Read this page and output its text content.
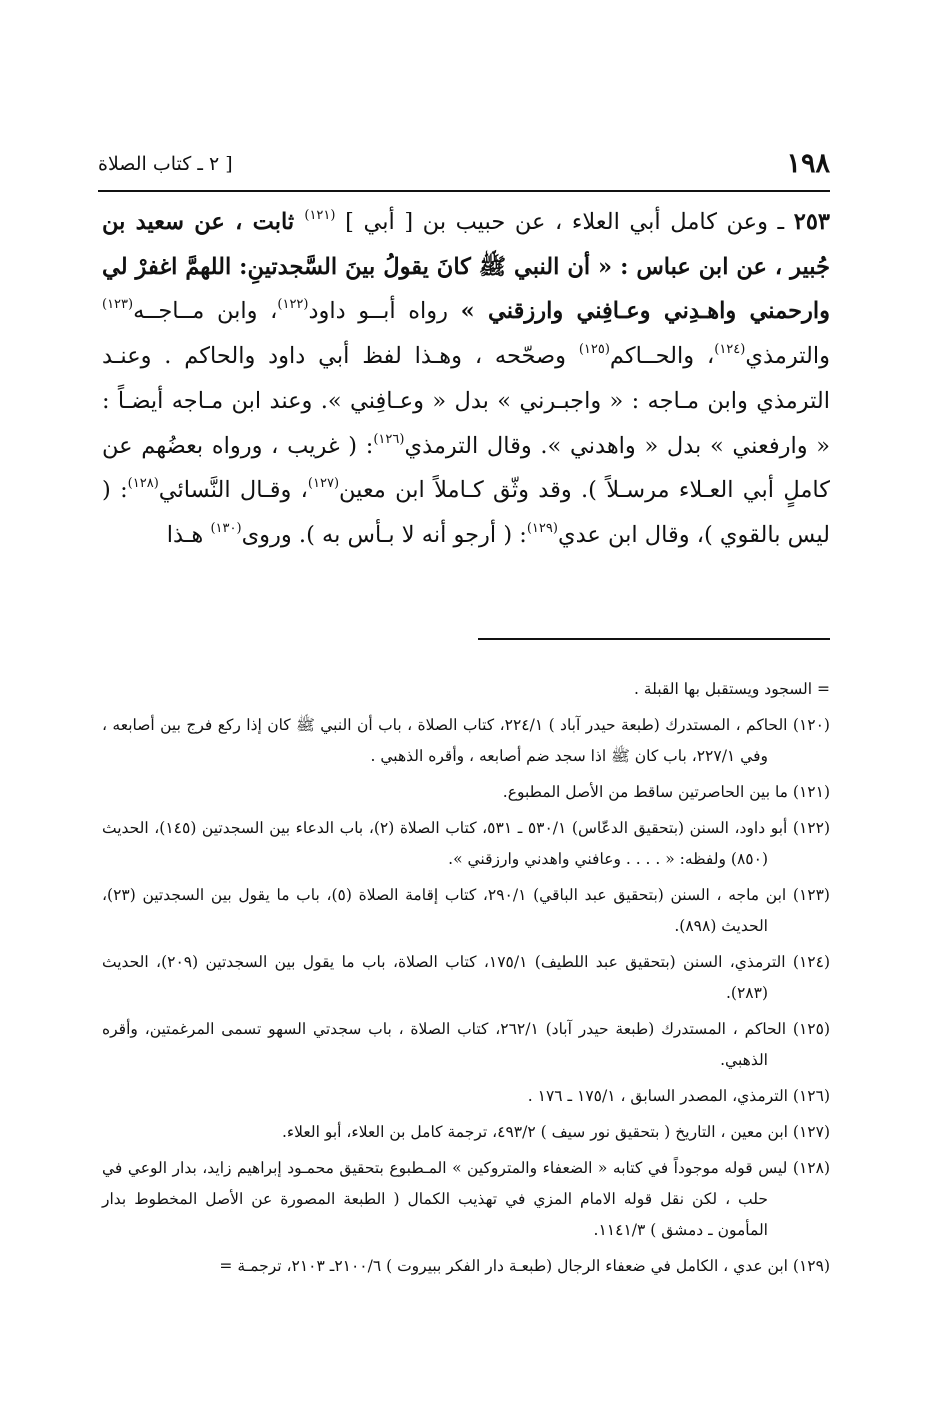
١٩٨
[ ٢ ـ كتاب الصلاة
٢٥٣ ـ وعن كامل أبي العلاء ، عن حبيب بن [ أبي ] $^{(١٢١)}$ ثابت ، عن سعيد بن جُبير ، عن ابن عباس : « أن النبي ﷺ كانَ يقولُ بينَ السَّجدتينِ: اللهمَّ اغفرْ لي وارحمني واهـدِني وعـافِني وارزقني » رواه أبــو داود$^{(١٢٢)}$، وابن مــاجــه$^{(١٢٣)}$ والترمذي$^{(١٢٤)}$، والحــاكم$^{(١٢٥)}$ وصحّحه ، وهـذا لفظ أبي داود والحاكم . وعنـد الترمذي وابن مـاجه : « واجبـرني » بدل « وعـافِني ». وعند ابن مـاجه أيضـاً : « وارفعني » بدل « واهدني ». وقال الترمذي$^{(١٢٦)}$: ( غريب ، ورواه بعضُهم عن كاملٍ أبي العـلاء مرسـلاً ). وقد وثّق كـاملاً ابن معين$^{(١٢٧)}$، وقـال النَّسائي$^{(١٢٨)}$: ( ليس بالقوي )، وقال ابن عدي$^{(١٢٩)}$: ( أرجو أنه لا بـأس به ). وروى$^{(١٣٠)}$ هـذا

= السجود ويستقبل بها القبلة .

(١٢٠) الحاكم ، المستدرك (طبعة حيدر آباد ) ٢٢٤/١، كتاب الصلاة ، باب أن النبي ﷺ كان إذا ركع فرج بين أصابعه ، وفي ٢٢٧/١، باب كان ﷺ اذا سجد ضم أصابعه ، وأقره الذهبي .

(١٢١) ما بين الحاصرتين ساقط من الأصل المطبوع.

(١٢٢) أبو داود، السنن (بتحقيق الدعّاس) ٥٣٠/١ ـ ٥٣١، كتاب الصلاة (٢)، باب الدعاء بين السجدتين (١٤٥)، الحديث (٨٥٠) ولفظه: « . . . . وعافني واهدني وارزقني ».

(١٢٣) ابن ماجه ، السنن (بتحقيق عبد الباقي) ٢٩٠/١، كتاب إقامة الصلاة (٥)، باب ما يقول بين السجدتين (٢٣)، الحديث (٨٩٨).

(١٢٤) الترمذي، السنن (بتحقيق عبد اللطيف) ١٧٥/١، كتاب الصلاة، باب ما يقول بين السجدتين (٢٠٩)، الحديث (٢٨٣).

(١٢٥) الحاكم ، المستدرك (طبعة حيدر آباد) ٢٦٢/١، كتاب الصلاة ، باب سجدتي السهو تسمى المرغمتين، وأقره الذهبي.

(١٢٦) الترمذي، المصدر السابق ، ١٧٥/١ ـ ١٧٦ .

(١٢٧) ابن معين ، التاريخ ( بتحقيق نور سيف ) ٤٩٣/٢، ترجمة كامل بن العلاء، أبو العلاء.

(١٢٨) ليس قوله موجوداً في كتابه « الضعفاء والمتروكين » المـطبوع بتحقيق محمـود إبراهيم زايد، بدار الوعي في حلب ، لكن نقل قوله الامام المزي في تهذيب الكمال ( الطبعة المصورة عن الأصل المخطوط بدار المأمون ـ دمشق ) ١١٤١/٣.

(١٢٩) ابن عدي ، الكامل في ضعفاء الرجال (طبعـة دار الفكر ببيروت ) ٢١٠٠/٦ـ ٢١٠٣، ترجمـة =
